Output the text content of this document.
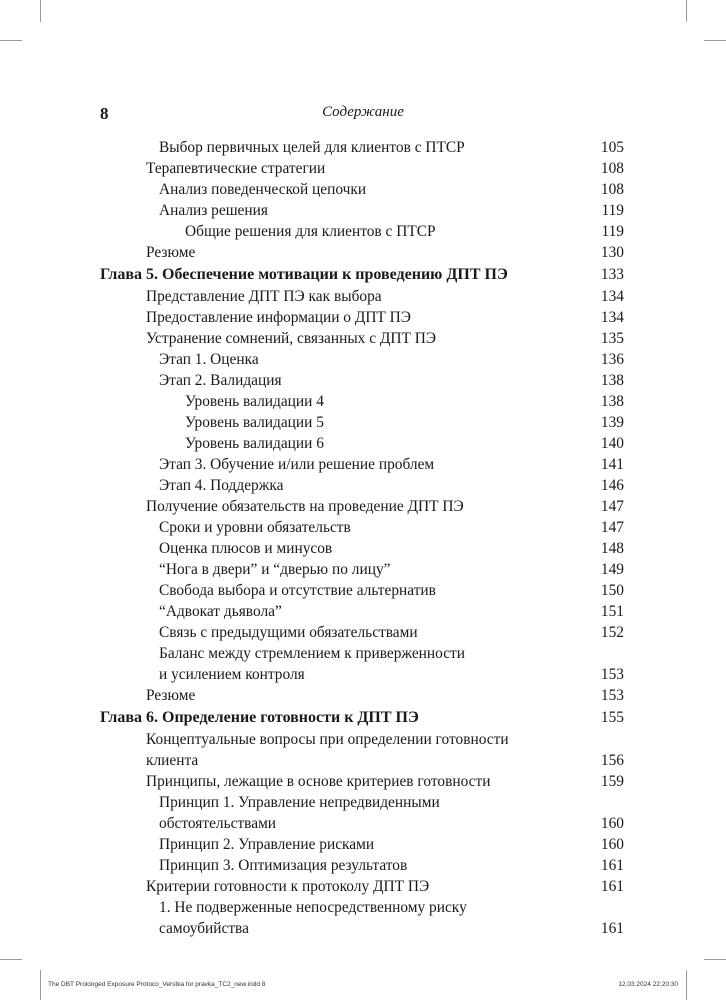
8	Содержание
Выбор первичных целей для клиентов с ПТСР	105
Терапевтические стратегии	108
Анализ поведенческой цепочки	108
Анализ решения	119
Общие решения для клиентов с ПТСР	119
Резюме	130
Глава 5. Обеспечение мотивации к проведению ДПТ ПЭ	133
Представление ДПТ ПЭ как выбора	134
Предоставление информации о ДПТ ПЭ	134
Устранение сомнений, связанных с ДПТ ПЭ	135
Этап 1. Оценка	136
Этап 2. Валидация	138
Уровень валидации 4	138
Уровень валидации 5	139
Уровень валидации 6	140
Этап 3. Обучение и/или решение проблем	141
Этап 4. Поддержка	146
Получение обязательств на проведение ДПТ ПЭ	147
Сроки и уровни обязательств	147
Оценка плюсов и минусов	148
“Нога в двери” и “дверью по лицу”	149
Свобода выбора и отсутствие альтернатив	150
“Адвокат дьявола”	151
Связь с предыдущими обязательствами	152
Баланс между стремлением к приверженности
и усилением контроля	153
Резюме	153
Глава 6. Определение готовности к ДПТ ПЭ	155
Концептуальные вопросы при определении готовности
клиента	156
Принципы, лежащие в основе критериев готовности	159
Принцип 1. Управление непредвиденными
обстоятельствами	160
Принцип 2. Управление рисками	160
Принцип 3. Оптимизация результатов	161
Критерии готовности к протоколу ДПТ ПЭ	161
1. Не подверженные непосредственному риску
самоубийства	161
The DBT Prolonged Exposure Protoco_Verstka for pravka_TC2_new.indd 8	12.03.2024 22:20:30
